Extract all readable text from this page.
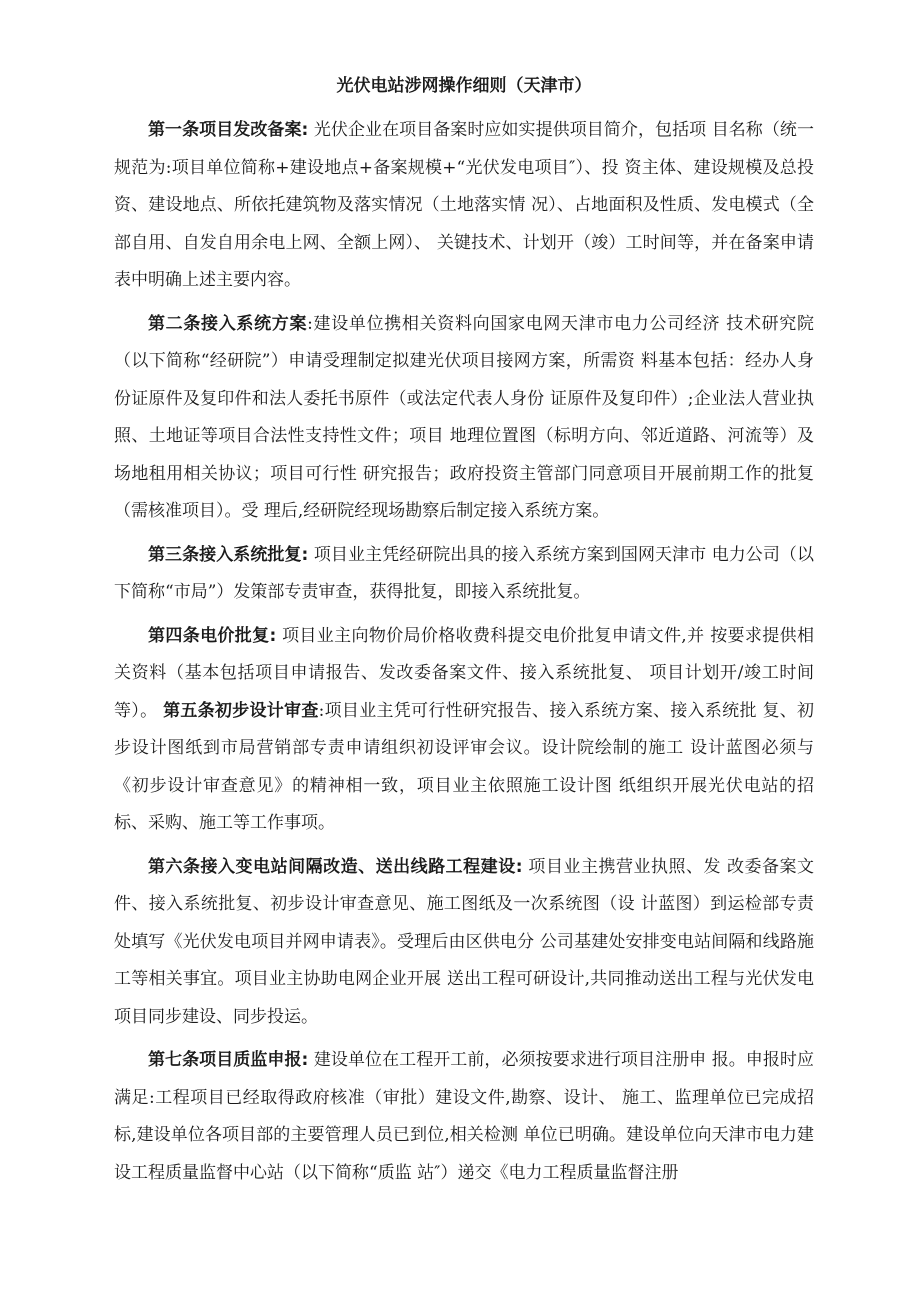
光伏电站涉网操作细则（天津市）

第一条项目发改备案: 光伏企业在项目备案时应如实提供项目简介，包括项 目名称（统一规范为:项目单位简称+建设地点+备案规模+“光伏发电项目″）、投 资主体、建设规模及总投资、建设地点、所依托建筑物及落实情况（土地落实情 况）、占地面积及性质、发电模式（全部自用、自发自用余电上网、全额上网）、 关键技术、计划开（竣）工时间等，并在备案申请表中明确上述主要内容。

第二条接入系统方案:建设单位携相关资料向国家电网天津市电力公司经济 技术研究院（以下简称“经研院”）申请受理制定拟建光伏项目接网方案，所需资 料基本包括：经办人身份证原件及复印件和法人委托书原件（或法定代表人身份 证原件及复印件）;企业法人营业执照、土地证等项目合法性支持性文件；项目 地理位置图（标明方向、邻近道路、河流等）及场地租用相关协议；项目可行性 研究报告；政府投资主管部门同意项目开展前期工作的批复（需核准项目）。受 理后,经研院经现场勘察后制定接入系统方案。

第三条接入系统批复: 项目业主凭经研院出具的接入系统方案到国网天津市 电力公司（以下简称“市局”）发策部专责审查，获得批复，即接入系统批复。

第四条电价批复: 项目业主向物价局价格收费科提交电价批复申请文件,并 按要求提供相关资料（基本包括项目申请报告、发改委备案文件、接入系统批复、 项目计划开/竣工时间等）。 第五条初步设计审查:项目业主凭可行性研究报告、接入系统方案、接入系统批 复、初步设计图纸到市局营销部专责申请组织初设评审会议。设计院绘制的施工 设计蓝图必须与《初步设计审查意见》的精神相一致，项目业主依照施工设计图 纸组织开展光伏电站的招标、采购、施工等工作事项。

第六条接入变电站间隔改造、送出线路工程建设: 项目业主携营业执照、发 改委备案文件、接入系统批复、初步设计审查意见、施工图纸及一次系统图（设 计蓝图）到运检部专责处填写《光伏发电项目并网申请表》。受理后由区供电分 公司基建处安排变电站间隔和线路施工等相关事宜。项目业主协助电网企业开展 送出工程可研设计,共同推动送出工程与光伏发电项目同步建设、同步投运。

第七条项目质监申报: 建设单位在工程开工前，必须按要求进行项目注册申 报。申报时应满足:工程项目已经取得政府核准（审批）建设文件,勘察、设计、 施工、监理单位已完成招标,建设单位各项目部的主要管理人员已到位,相关检测 单位已明确。建设单位向天津市电力建设工程质量监督中心站（以下简称“质监 站″）递交《电力工程质量监督注册
